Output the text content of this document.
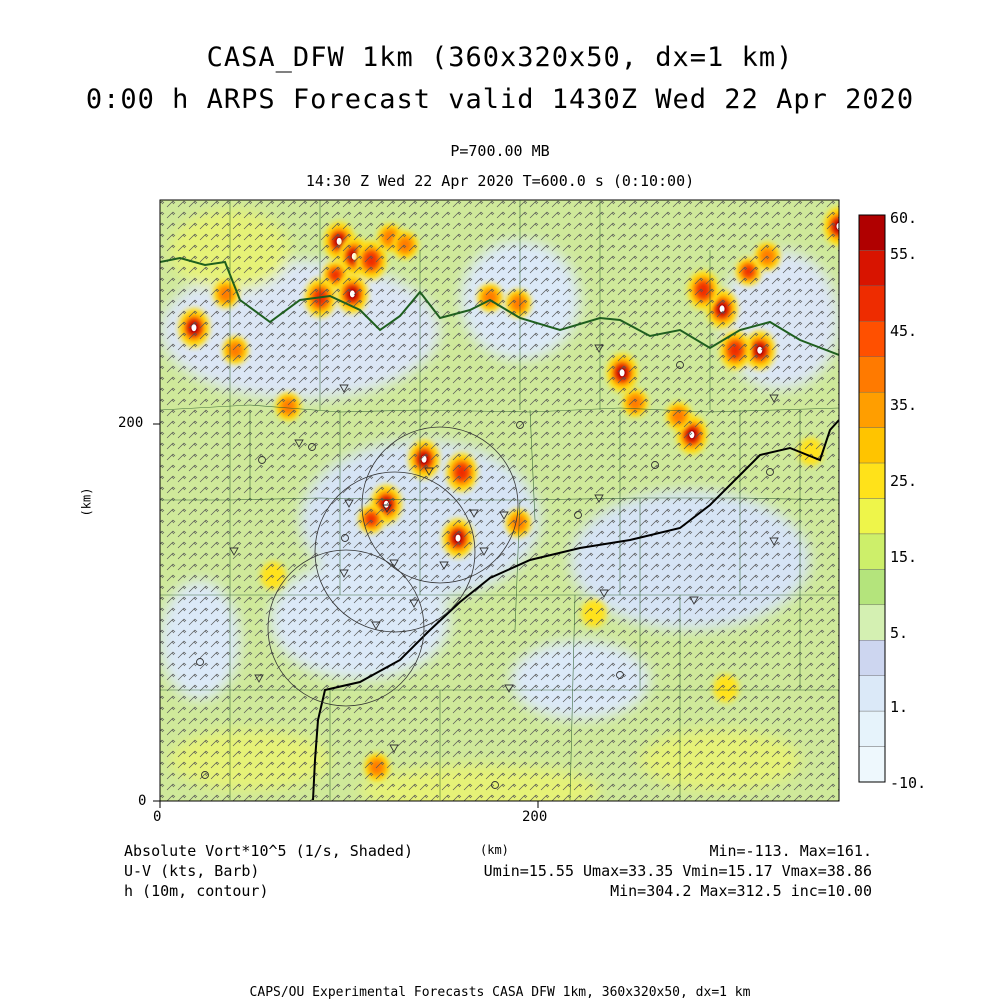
CASA_DFW 1km (360x320x50, dx=1 km)
0:00 h ARPS Forecast valid 1430Z Wed 22 Apr 2020
P=700.00 MB
14:30 Z Wed 22 Apr 2020 T=600.0 s (0:10:00)
0	200
0
200
(km)
(km)
60.
55.
45.
35.
25.
15.
5.
1.
-10.
Absolute Vort*10^5 (1/s, Shaded)
U-V (kts, Barb)
h (10m, contour)
Min=-113. Max=161.
Umin=15.55 Umax=33.35 Vmin=15.17 Vmax=38.86
Min=304.2 Max=312.5 inc=10.00
CAPS/OU Experimental Forecasts CASA DFW 1km, 360x320x50, dx=1 km
